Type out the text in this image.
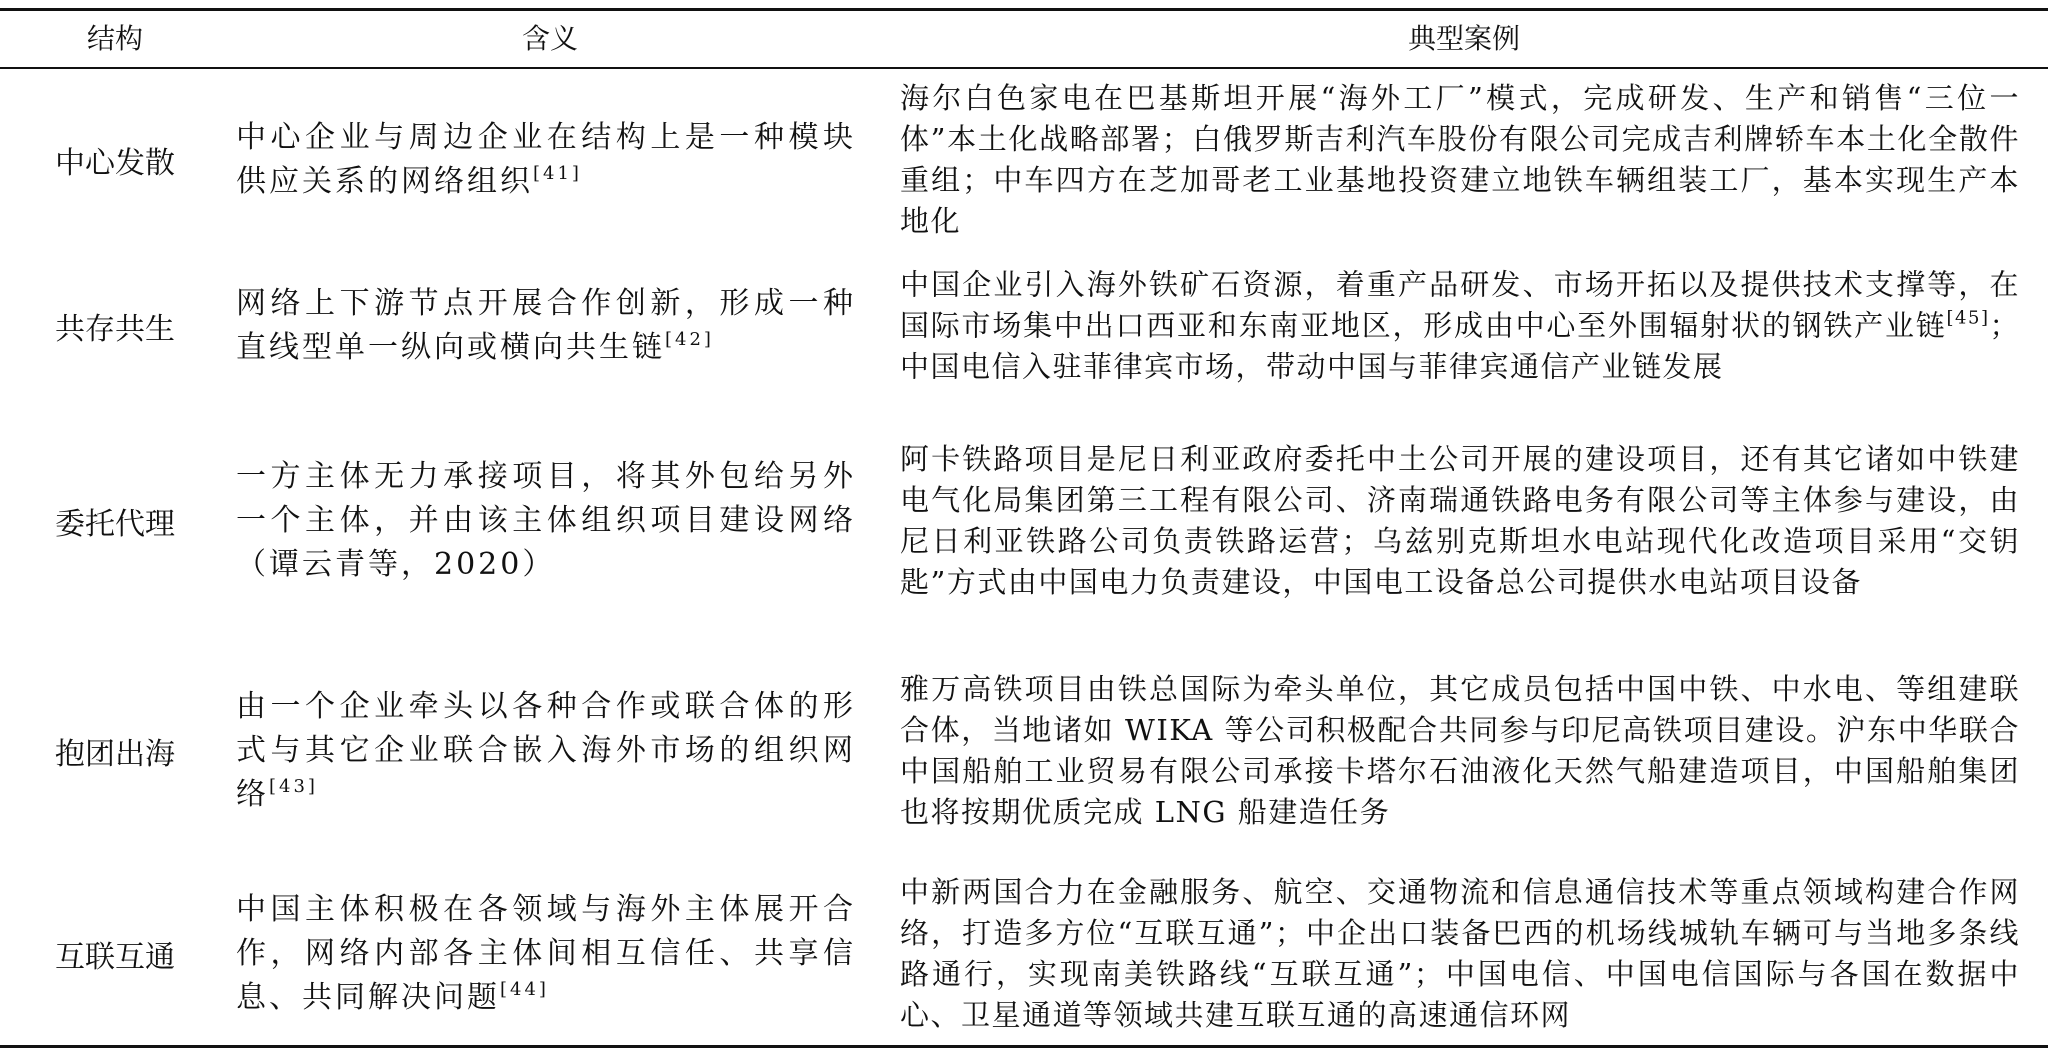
结构	含义	典型案例
中心发散
中心企业与周边企业在结构上是一种模块供应关系的网络组织[41]
海尔白色家电在巴基斯坦开展“海外工厂”模式，完成研发、生产和销售“三位一体”本土化战略部署；白俄罗斯吉利汽车股份有限公司完成吉利牌轿车本土化全散件重组；中车四方在芝加哥老工业基地投资建立地铁车辆组装工厂，基本实现生产本地化
共存共生
网络上下游节点开展合作创新，形成一种直线型单一纵向或横向共生链[42]
中国企业引入海外铁矿石资源，着重产品研发、市场开拓以及提供技术支撑等，在国际市场集中出口西亚和东南亚地区，形成由中心至外围辐射状的钢铁产业链[45]；中国电信入驻菲律宾市场，带动中国与菲律宾通信产业链发展
委托代理
一方主体无力承接项目，将其外包给另外一个主体，并由该主体组织项目建设网络（谭云青等，2020）
阿卡铁路项目是尼日利亚政府委托中土公司开展的建设项目，还有其它诸如中铁建电气化局集团第三工程有限公司、济南瑞通铁路电务有限公司等主体参与建设，由尼日利亚铁路公司负责铁路运营；乌兹别克斯坦水电站现代化改造项目采用“交钥匙”方式由中国电力负责建设，中国电工设备总公司提供水电站项目设备
抱团出海
由一个企业牵头以各种合作或联合体的形式与其它企业联合嵌入海外市场的组织网络[43]
雅万高铁项目由铁总国际为牵头单位，其它成员包括中国中铁、中水电、等组建联合体，当地诸如 WIKA 等公司积极配合共同参与印尼高铁项目建设。沪东中华联合中国船舶工业贸易有限公司承接卡塔尔石油液化天然气船建造项目，中国船舶集团也将按期优质完成 LNG 船建造任务
互联互通
中国主体积极在各领域与海外主体展开合作，网络内部各主体间相互信任、共享信息、共同解决问题[44]
中新两国合力在金融服务、航空、交通物流和信息通信技术等重点领域构建合作网络，打造多方位“互联互通”；中企出口装备巴西的机场线城轨车辆可与当地多条线路通行，实现南美铁路线“互联互通”；中国电信、中国电信国际与各国在数据中心、卫星通道等领域共建互联互通的高速通信环网
